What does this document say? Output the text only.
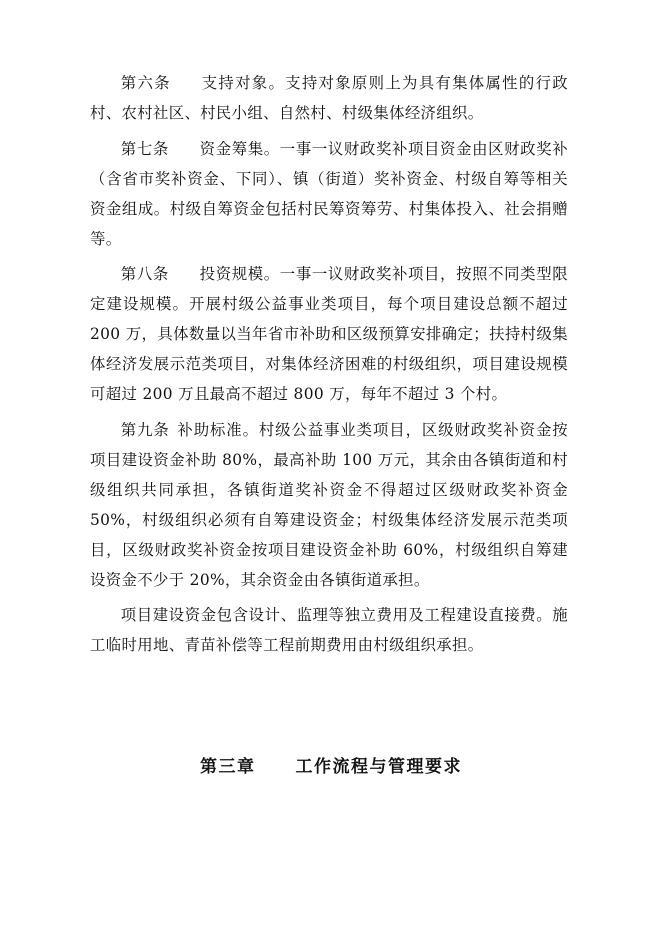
第六条 支持对象。支持对象原则上为具有集体属性的行政村、农村社区、村民小组、自然村、村级集体经济组织。

第七条 资金筹集。一事一议财政奖补项目资金由区财政奖补（含省市奖补资金、下同）、镇（街道）奖补资金、村级自筹等相关资金组成。村级自筹资金包括村民筹资筹劳、村集体投入、社会捐赠等。

第八条 投资规模。一事一议财政奖补项目，按照不同类型限定建设规模。开展村级公益事业类项目，每个项目建设总额不超过 200 万，具体数量以当年省市补助和区级预算安排确定；扶持村级集体经济发展示范类项目，对集体经济困难的村级组织，项目建设规模可超过 200 万且最高不超过 800 万，每年不超过 3 个村。

第九条 补助标准。村级公益事业类项目，区级财政奖补资金按项目建设资金补助 80%，最高补助 100 万元，其余由各镇街道和村级组织共同承担，各镇街道奖补资金不得超过区级财政奖补资金 50%，村级组织必须有自筹建设资金；村级集体经济发展示范类项目，区级财政奖补资金按项目建设资金补助 60%，村级组织自筹建设资金不少于 20%，其余资金由各镇街道承担。

项目建设资金包含设计、监理等独立费用及工程建设直接费。施工临时用地、青苗补偿等工程前期费用由村级组织承担。

第三章 工作流程与管理要求
